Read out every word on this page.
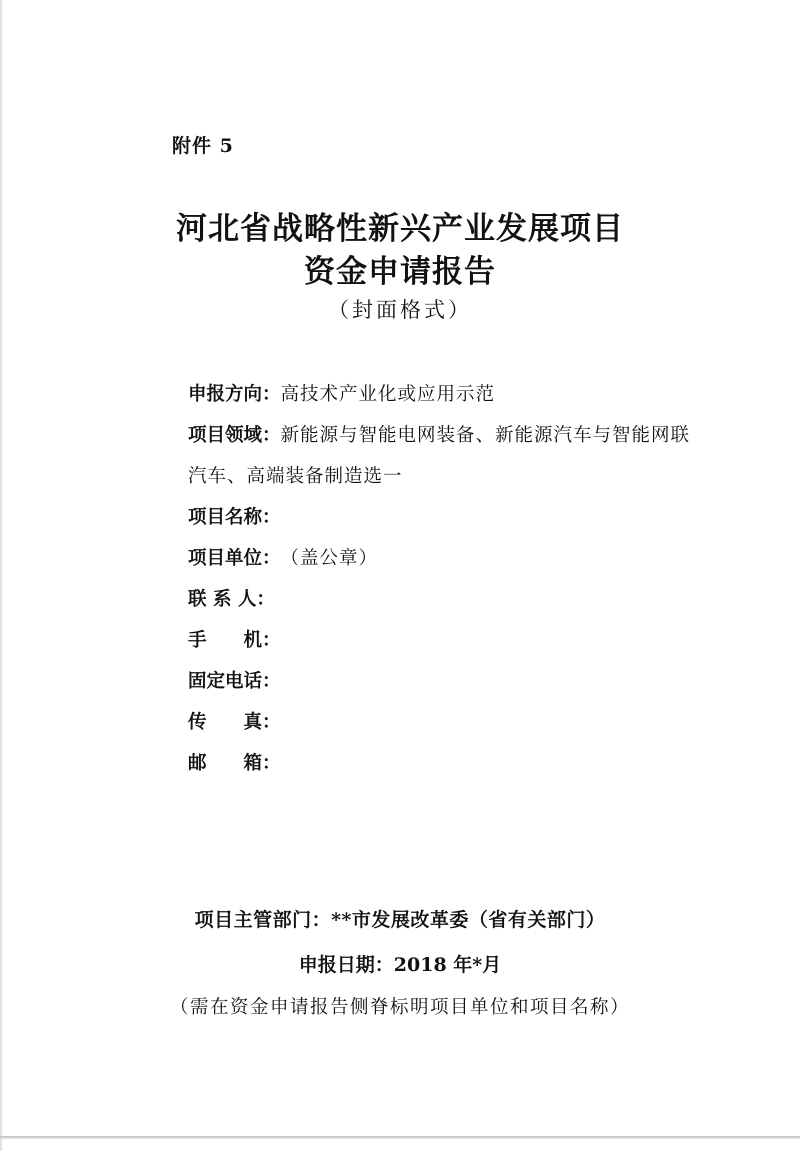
附件 5
河北省战略性新兴产业发展项目
资金申请报告
（封面格式）
申报方向：高技术产业化或应用示范
项目领域：新能源与智能电网装备、新能源汽车与智能网联汽车、高端装备制造选一
项目名称：
项目单位：（盖公章）
联 系 人：
手　　机：
固定电话：
传　　真：
邮　　箱：
项目主管部门：**市发展改革委（省有关部门）
申报日期：2018 年*月
（需在资金申请报告侧脊标明项目单位和项目名称）
